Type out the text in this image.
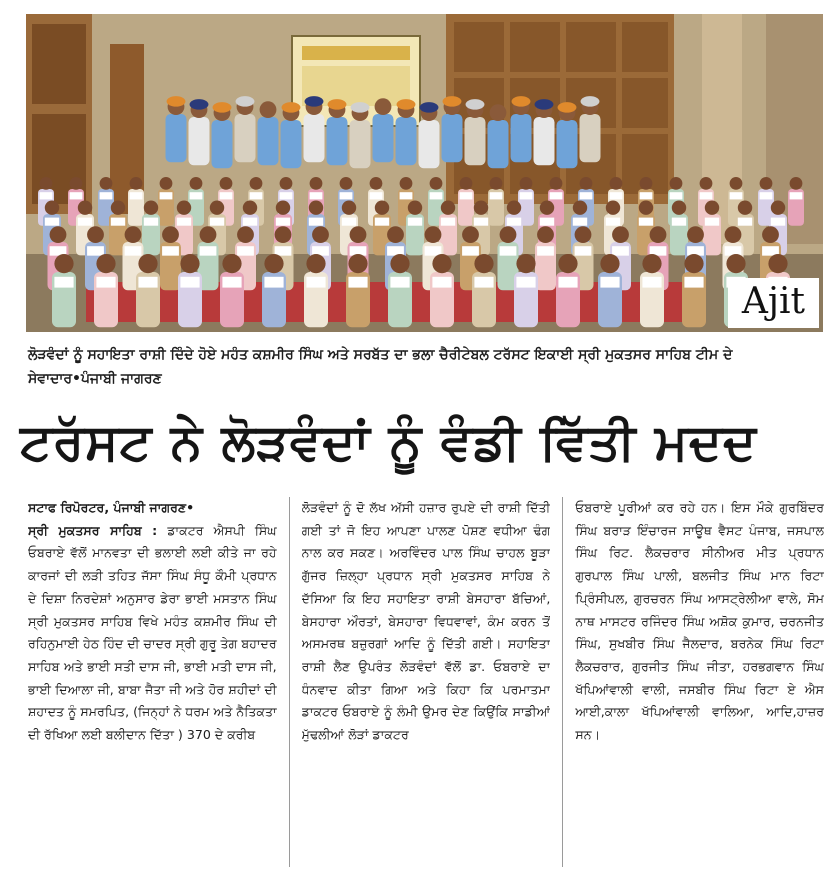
Ajit
ਲੋੜਵੰਦਾਂ ਨੂੰ ਸਹਾਇਤਾ ਰਾਸ਼ੀ ਦਿੰਦੇ ਹੋਏ ਮਹੰਤ ਕਸ਼ਮੀਰ ਸਿੰਘ ਅਤੇ ਸਰਬੱਤ ਦਾ ਭਲਾ ਚੈਰੀਟੇਬਲ ਟਰੱਸਟ ਇਕਾਈ ਸ੍ਰੀ ਮੁਕਤਸਰ ਸਾਹਿਬ ਟੀਮ ਦੇ ਸੇਵਾਦਾਰ•ਪੰਜਾਬੀ ਜਾਗਰਣ
ਟਰੱਸਟ ਨੇ ਲੋੜਵੰਦਾਂ ਨੂੰ ਵੰਡੀ ਵਿੱਤੀ ਮਦਦ
ਸਟਾਫ ਰਿਪੋਰਟਰ, ਪੰਜਾਬੀ ਜਾਗਰਣ•
ਸ੍ਰੀ ਮੁਕਤਸਰ ਸਾਹਿਬ : ਡਾਕਟਰ ਐਸਪੀ ਸਿੰਘ ਓਬਰਾਏ ਵੱਲੋਂ ਮਾਨਵਤਾ ਦੀ ਭਲਾਈ ਲਈ ਕੀਤੇ ਜਾ ਰਹੇ ਕਾਰਜਾਂ ਦੀ ਲੜੀ ਤਹਿਤ ਜੱਸਾ ਸਿੰਘ ਸੰਧੂ ਕੌਮੀ ਪ੍ਰਧਾਨ ਦੇ ਦਿਸ਼ਾ ਨਿਰਦੇਸ਼ਾਂ ਅਨੁਸਾਰ ਡੇਰਾ ਭਾਈ ਮਸਤਾਨ ਸਿੰਘ ਸ੍ਰੀ ਮੁਕਤਸਰ ਸਾਹਿਬ ਵਿਖੇ ਮਹੰਤ ਕਸ਼ਮੀਰ ਸਿੰਘ ਦੀ ਰਹਿਨੁਮਾਈ ਹੇਠ ਹਿੰਦ ਦੀ ਚਾਦਰ ਸ੍ਰੀ ਗੁਰੂ ਤੇਗ ਬਹਾਦਰ ਸਾਹਿਬ ਅਤੇ ਭਾਈ ਸਤੀ ਦਾਸ ਜੀ, ਭਾਈ ਮਤੀ ਦਾਸ ਜੀ, ਭਾਈ ਦਿਆਲਾ ਜੀ, ਬਾਬਾ ਜੈਤਾ ਜੀ ਅਤੇ ਹੋਰ ਸ਼ਹੀਦਾਂ ਦੀ ਸ਼ਹਾਦਤ ਨੂੰ ਸਮਰਪਿਤ, (ਜਿਨ੍ਹਾਂ ਨੇ ਧਰਮ ਅਤੇ ਨੈਤਿਕਤਾ ਦੀ ਰੱਖਿਆ ਲਈ ਬਲੀਦਾਨ ਦਿੱਤਾ ) 370 ਦੇ ਕਰੀਬ
ਲੋੜਵੰਦਾਂ ਨੂੰ ਦੋ ਲੱਖ ਅੱਸੀ ਹਜ਼ਾਰ ਰੁਪਏ ਦੀ ਰਾਸ਼ੀ ਦਿੱਤੀ ਗਈ ਤਾਂ ਜੋ ਇਹ ਆਪਣਾ ਪਾਲਣ ਪੋਸ਼ਣ ਵਧੀਆ ਢੰਗ ਨਾਲ ਕਰ ਸਕਣ। ਅਰਵਿੰਦਰ ਪਾਲ ਸਿੰਘ ਚਾਹਲ ਬੂੜਾ ਗੁੱਜਰ ਜ਼ਿਲ੍ਹਾ ਪ੍ਰਧਾਨ ਸ੍ਰੀ ਮੁਕਤਸਰ ਸਾਹਿਬ ਨੇ ਦੱਸਿਆ ਕਿ ਇਹ ਸਹਾਇਤਾ ਰਾਸ਼ੀ ਬੇਸਹਾਰਾ ਬੱਚਿਆਂ, ਬੇਸਹਾਰਾ ਔਰਤਾਂ, ਬੇਸਹਾਰਾ ਵਿਧਵਾਵਾਂ, ਕੰਮ ਕਰਨ ਤੋਂ ਅਸਮਰਥ ਬਜ਼ੁਰਗਾਂ ਆਦਿ ਨੂੰ ਦਿੱਤੀ ਗਈ। ਸਹਾਇਤਾ ਰਾਸ਼ੀ ਲੈਣ ਉਪਰੰਤ ਲੋੜਵੰਦਾਂ ਵੱਲੋਂ ਡਾ. ਓਬਰਾਏ ਦਾ ਧੰਨਵਾਦ ਕੀਤਾ ਗਿਆ ਅਤੇ ਕਿਹਾ ਕਿ ਪਰਮਾਤਮਾ ਡਾਕਟਰ ਓਬਰਾਏ ਨੂੰ ਲੰਮੀ ਉਮਰ ਦੇਣ ਕਿਉਂਕਿ ਸਾਡੀਆਂ ਮੁੱਢਲੀਆਂ ਲੋੜਾਂ ਡਾਕਟਰ
ਓਬਰਾਏ ਪੂਰੀਆਂ ਕਰ ਰਹੇ ਹਨ। ਇਸ ਮੌਕੇ ਗੁਰਬਿੰਦਰ ਸਿੰਘ ਬਰਾੜ ਇੰਚਾਰਜ ਸਾਊਥ ਵੈਸਟ ਪੰਜਾਬ, ਜਸਪਾਲ ਸਿੰਘ ਰਿਟ. ਲੈਕਚਰਾਰ ਸੀਨੀਅਰ ਮੀਤ ਪ੍ਰਧਾਨ ਗੁਰਪਾਲ ਸਿੰਘ ਪਾਲੀ, ਬਲਜੀਤ ਸਿੰਘ ਮਾਨ ਰਿਟਾ ਪ੍ਰਿੰਸੀਪਲ, ਗੁਰਚਰਨ ਸਿੰਘ ਆਸਟ੍ਰੇਲੀਆ ਵਾਲੇ, ਸੋਮ ਨਾਥ ਮਾਸਟਰ ਰਜਿੰਦਰ ਸਿੰਘ ਅਸ਼ੋਕ ਕੁਮਾਰ, ਚਰਨਜੀਤ ਸਿੰਘ, ਸੁਖਬੀਰ ਸਿੰਘ ਜੈਲਦਾਰ, ਬਰਨੇਕ ਸਿੰਘ ਰਿਟਾ ਲੈਕਚਰਾਰ, ਗੁਰਜੀਤ ਸਿੰਘ ਜੀਤਾ, ਹਰਭਗਵਾਨ ਸਿੰਘ ਖੱਪਿਆਂਵਾਲੀ ਵਾਲੀ, ਜਸਬੀਰ ਸਿੰਘ ਰਿਟਾ ਏ ਐਸ ਆਈ,ਕਾਲਾ ਖੱਪਿਆਂਵਾਲੀ ਵਾਲਿਆ, ਆਦਿ,ਹਾਜ਼ਰ ਸਨ।
